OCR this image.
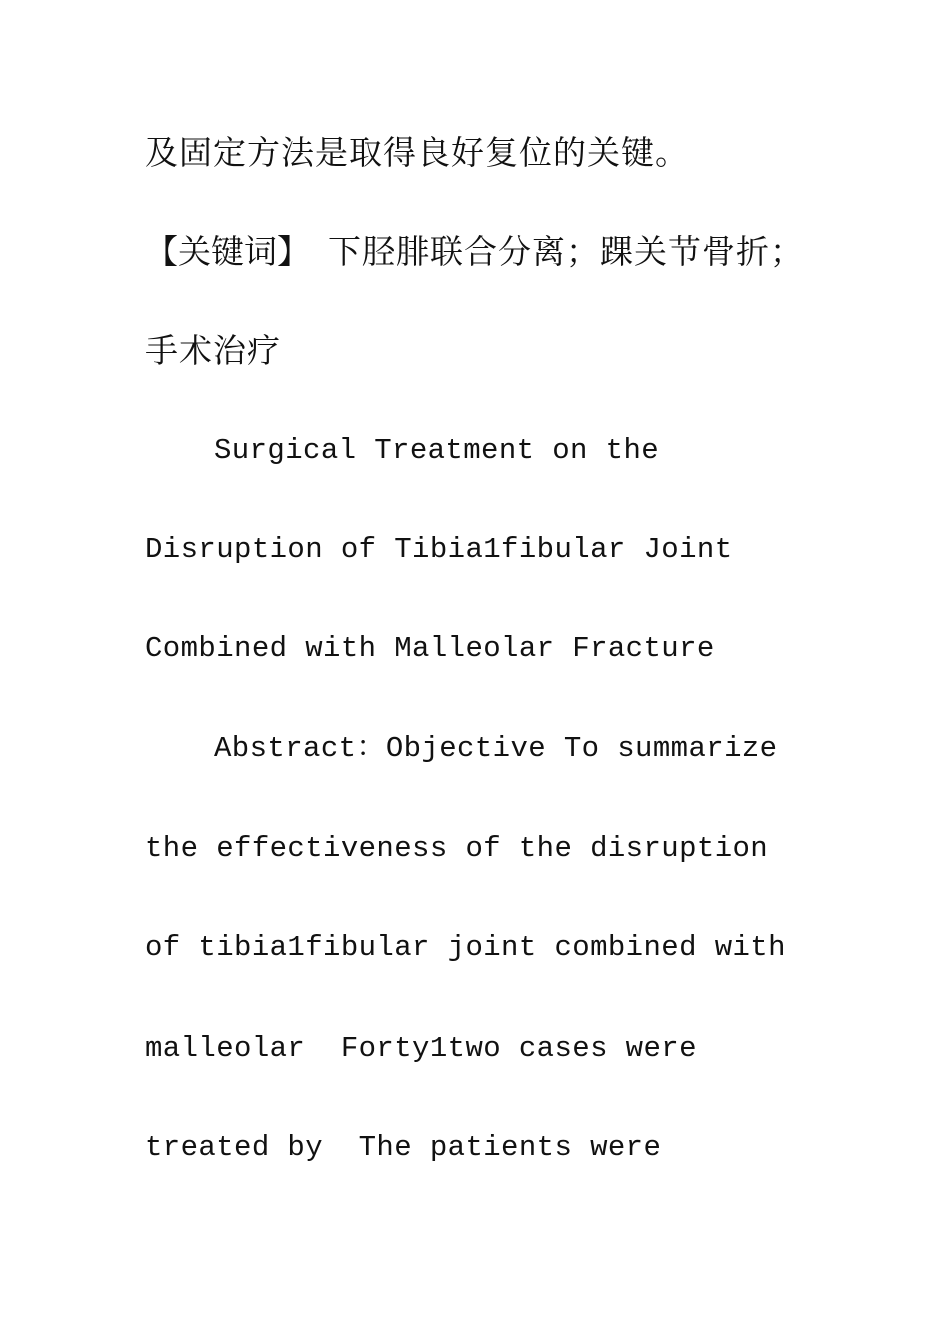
及固定方法是取得良好复位的关键。
【关键词】 下胫腓联合分离；踝关节骨折；
手术治疗
Surgical Treatment on the
Disruption of Tibia1fibular Joint
Combined with Malleolar Fracture
Abstract：Objective To summarize
the effectiveness of the disruption
of tibia1fibular joint combined with
malleolar  Forty1two cases were
treated by  The patients were
